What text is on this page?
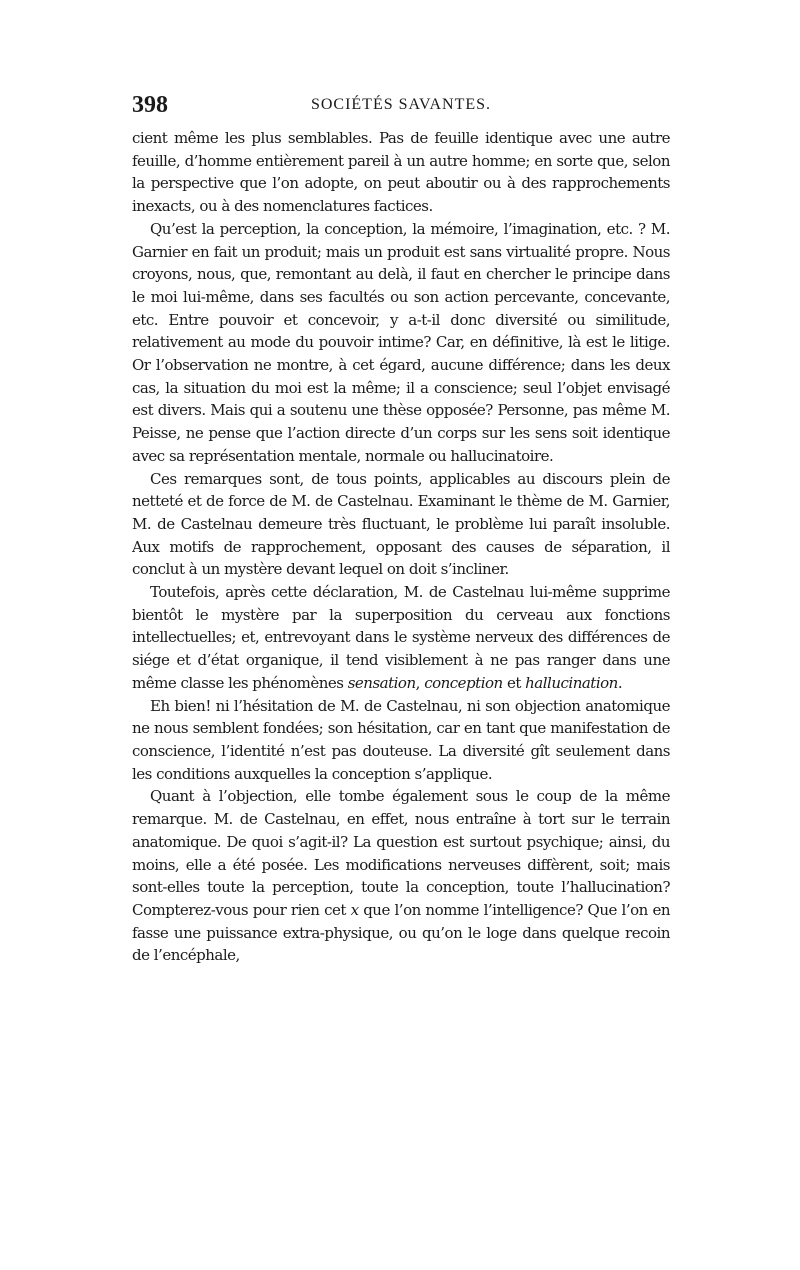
398	SOCIÉTÉS SAVANTES.

cient même les plus semblables. Pas de feuille identique avec une autre feuille, d’homme entièrement pareil à un autre homme; en sorte que, selon la perspective que l’on adopte, on peut aboutir ou à des rapprochements inexacts, ou à des nomenclatures factices.

Qu’est la perception, la conception, la mémoire, l’imagination, etc. ? M. Garnier en fait un produit; mais un produit est sans virtualité propre. Nous croyons, nous, que, remontant au delà, il faut en chercher le principe dans le moi lui-même, dans ses facultés ou son action percevante, concevante, etc. Entre pouvoir et concevoir, y a-t-il donc diversité ou similitude, relativement au mode du pouvoir intime? Car, en définitive, là est le litige. Or l’observation ne montre, à cet égard, aucune différence; dans les deux cas, la situation du moi est la même; il a conscience; seul l’objet envisagé est divers. Mais qui a soutenu une thèse opposée? Personne, pas même M. Peisse, ne pense que l’action directe d’un corps sur les sens soit identique avec sa représentation mentale, normale ou hallucinatoire.

Ces remarques sont, de tous points, applicables au discours plein de netteté et de force de M. de Castelnau. Examinant le thème de M. Garnier, M. de Castelnau demeure très fluctuant, le problème lui paraît insoluble. Aux motifs de rapprochement, opposant des causes de séparation, il conclut à un mystère devant lequel on doit s’incliner.

Toutefois, après cette déclaration, M. de Castelnau lui-même supprime bientôt le mystère par la superposition du cerveau aux fonctions intellectuelles; et, entrevoyant dans le système nerveux des différences de siége et d’état organique, il tend visiblement à ne pas ranger dans une même classe les phénomènes sensation, conception et hallucination.

Eh bien! ni l’hésitation de M. de Castelnau, ni son objection anatomique ne nous semblent fondées; son hésitation, car en tant que manifestation de conscience, l’identité n’est pas douteuse. La diversité gît seulement dans les conditions auxquelles la conception s’applique.

Quant à l’objection, elle tombe également sous le coup de la même remarque. M. de Castelnau, en effet, nous entraîne à tort sur le terrain anatomique. De quoi s’agit-il? La question est surtout psychique; ainsi, du moins, elle a été posée. Les modifications nerveuses diffèrent, soit; mais sont-elles toute la perception, toute la conception, toute l’hallucination? Compterez-vous pour rien cet x que l’on nomme l’intelligence? Que l’on en fasse une puissance extra-physique, ou qu’on le loge dans quelque recoin de l’encéphale,
